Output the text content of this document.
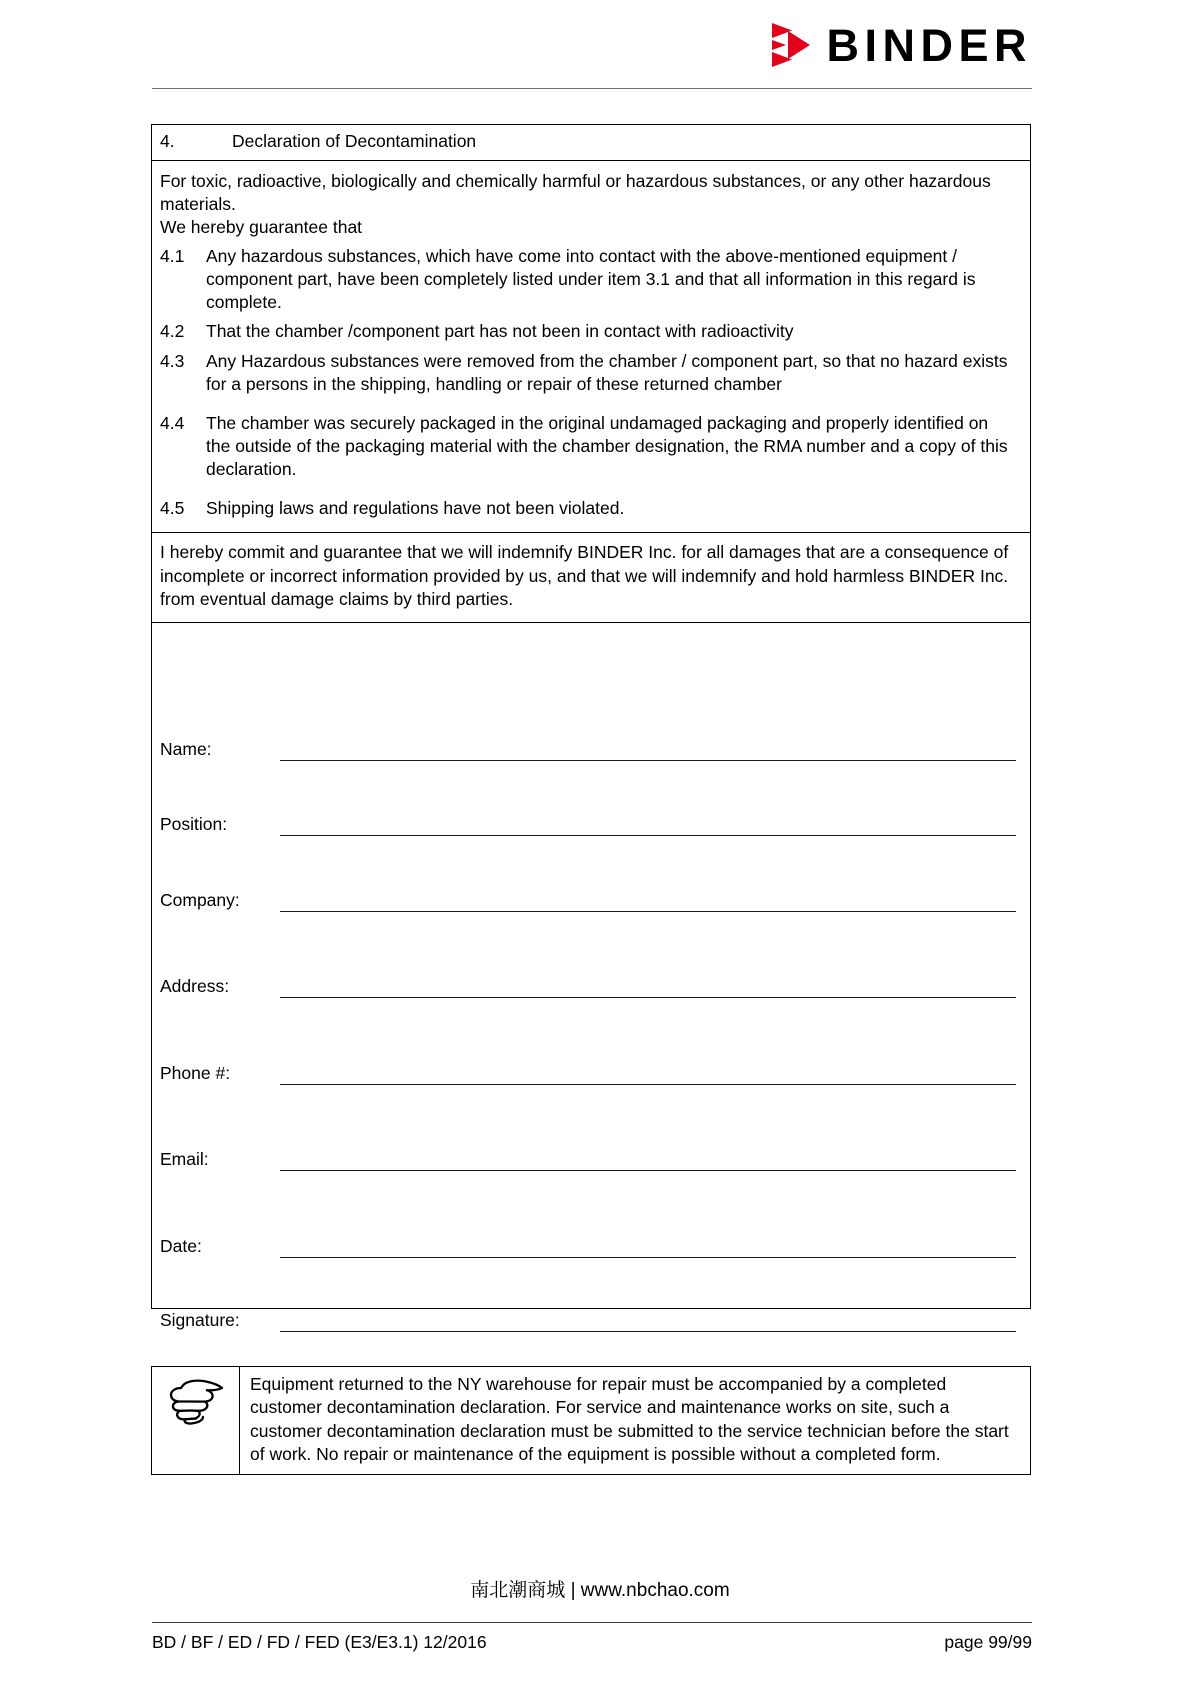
BINDER
4.	Declaration of Decontamination

For toxic, radioactive, biologically and chemically harmful or hazardous substances, or any other hazardous materials.

We hereby guarantee that

4.1	Any hazardous substances, which have come into contact with the above-mentioned equipment / component part, have been completely listed under item 3.1 and that all information in this regard is complete.
4.2	That the chamber /component part has not been in contact with radioactivity
4.3	Any Hazardous substances were removed from the chamber / component part, so that no hazard exists for a persons in the shipping, handling or repair of these returned chamber
4.4	The chamber was securely packaged in the original undamaged packaging and properly identified on the outside of the packaging material with the chamber designation, the RMA number and a copy of this declaration.
4.5	Shipping laws and regulations have not been violated.
I hereby commit and guarantee that we will indemnify BINDER Inc. for all damages that are a consequence of incomplete or incorrect information provided by us, and that we will indemnify and hold harmless BINDER Inc. from eventual damage claims by third parties.
Name:
Position:
Company:
Address:
Phone #:
Email:
Date:
Signature:
Equipment returned to the NY warehouse for repair must be accompanied by a completed customer decontamination declaration. For service and maintenance works on site, such a customer decontamination declaration must be submitted to the service technician before the start of work. No repair or maintenance of the equipment is possible without a completed form.
南北潮商城 | www.nbchao.com
BD / BF / ED / FD / FED (E3/E3.1) 12/2016	page 99/99
